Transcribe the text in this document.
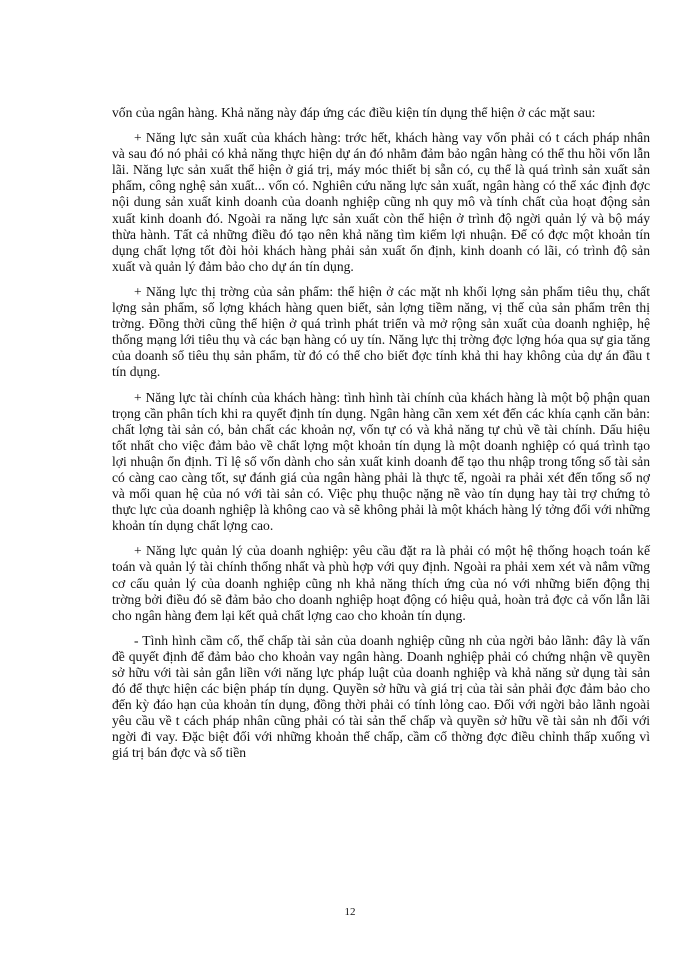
vốn của ngân hàng. Khả năng này đáp ứng các điều kiện tín dụng thể hiện ở các mặt sau:

+ Năng lực sản xuất của khách hàng: trớc hết, khách hàng vay vốn phải có t cách pháp nhân và sau đó nó phải có khả năng thực hiện dự án đó nhằm đảm bảo ngân hàng có thể thu hồi vốn lẫn lãi. Năng lực sản xuất thể hiện ở giá trị, máy móc thiết bị sẵn có, cụ thể là quá trình sản xuất sản phẩm, công nghệ sản xuất... vốn có. Nghiên cứu năng lực sản xuất, ngân hàng có thể xác định đợc nội dung sản xuất kinh doanh của doanh nghiệp cũng nh quy mô và tính chất của hoạt động sản xuất kinh doanh đó. Ngoài ra năng lực sản xuất còn thể hiện ở trình độ ngời quản lý và bộ máy thừa hành. Tất cả những điều đó tạo nên khả năng tìm kiếm lợi nhuận. Để có đợc một khoản tín dụng chất lợng tốt đòi hỏi khách hàng phải sản xuất ổn định, kinh doanh có lãi, có trình độ sản xuất và quản lý đảm bảo cho dự án tín dụng.

+ Năng lực thị trờng của sản phẩm: thể hiện ở các mặt nh khối lợng sản phẩm tiêu thụ, chất lợng sản phẩm, số lợng khách hàng quen biết, sản lợng tiềm năng, vị thế của sản phẩm trên thị trờng. Đồng thời cũng thể hiện ở quá trình phát triển và mở rộng sản xuất của doanh nghiệp, hệ thống mạng lới tiêu thụ và các bạn hàng có uy tín. Năng lực thị trờng đợc lợng hóa qua sự gia tăng của doanh số tiêu thụ sản phẩm, từ đó có thể cho biết đợc tính khả thi hay không của dự án đầu t tín dụng.

+ Năng lực tài chính của khách hàng: tình hình tài chính của khách hàng là một bộ phận quan trọng cần phân tích khi ra quyết định tín dụng. Ngân hàng cần xem xét đến các khía cạnh căn bản: chất lợng tài sản có, bản chất các khoản nợ, vốn tự có và khả năng tự chủ về tài chính. Dấu hiệu tốt nhất cho việc đảm bảo về chất lợng một khoản tín dụng là một doanh nghiệp có quá trình tạo lợi nhuận ổn định. Tỉ lệ số vốn dành cho sản xuất kinh doanh để tạo thu nhập trong tổng số tài sản có càng cao càng tốt, sự đánh giá của ngân hàng phải là thực tế, ngoài ra phải xét đến tổng số nợ và mối quan hệ của nó với tài sản có. Việc phụ thuộc nặng nề vào tín dụng hay tài trợ chứng tỏ thực lực của doanh nghiệp là không cao và sẽ không phải là một khách hàng lý tởng đối với những khoản tín dụng chất lợng cao.

+ Năng lực quản lý của doanh nghiệp: yêu cầu đặt ra là phải có một hệ thống hoạch toán kế toán và quản lý tài chính thống nhất và phù hợp với quy định. Ngoài ra phải xem xét và nắm vững cơ cấu quản lý của doanh nghiệp cũng nh khả năng thích ứng của nó với những biến động thị trờng bởi điều đó sẽ đảm bảo cho doanh nghiệp hoạt động có hiệu quả, hoàn trả đợc cả vốn lẫn lãi cho ngân hàng đem lại kết quả chất lợng cao cho khoản tín dụng.

- Tình hình cầm cố, thế chấp tài sản của doanh nghiệp cũng nh của ngời bảo lãnh: đây là vấn đề quyết định để đảm bảo cho khoản vay ngân hàng. Doanh nghiệp phải có chứng nhận về quyền sở hữu với tài sản gắn liền với năng lực pháp luật của doanh nghiệp và khả năng sử dụng tài sản đó để thực hiện các biện pháp tín dụng. Quyền sở hữu và giá trị của tài sản phải đợc đảm bảo cho đến kỳ đáo hạn của khoản tín dụng, đồng thời phải có tính lỏng cao. Đối với ngời bảo lãnh ngoài yêu cầu về t cách pháp nhân cũng phải có tài sản thế chấp và quyền sở hữu về tài sản nh đối với ngời đi vay. Đặc biệt đối với những khoản thế chấp, cầm cố thờng đợc điều chỉnh thấp xuống vì giá trị bán đợc và số tiền

12
